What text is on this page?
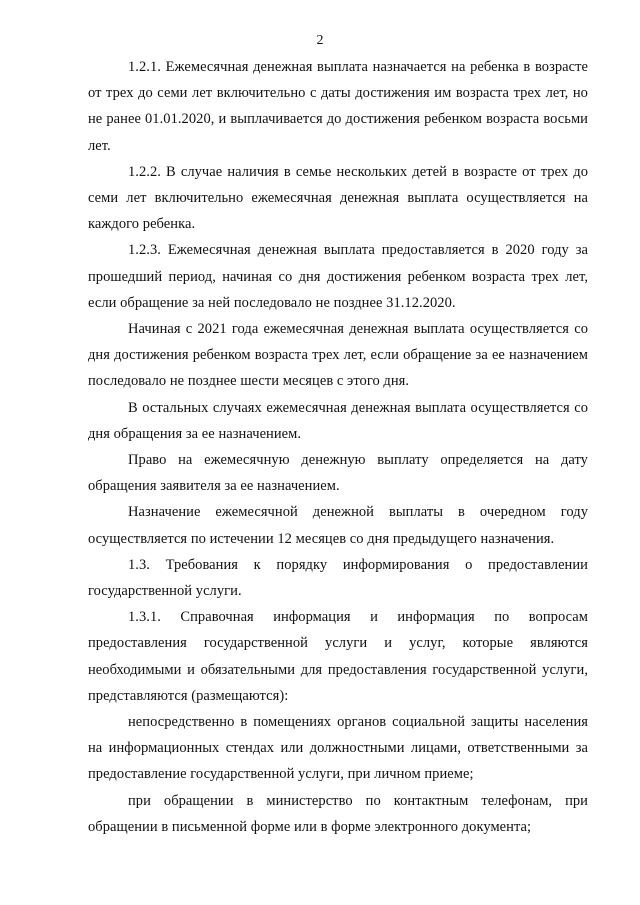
2

1.2.1. Ежемесячная денежная выплата назначается на ребенка в возрасте от трех до семи лет включительно с даты достижения им возраста трех лет, но не ранее 01.01.2020, и выплачивается до достижения ребенком возраста восьми лет.

1.2.2. В случае наличия в семье нескольких детей в возрасте от трех до семи лет включительно ежемесячная денежная выплата осуществляется на каждого ребенка.

1.2.3. Ежемесячная денежная выплата предоставляется в 2020 году за прошедший период, начиная со дня достижения ребенком возраста трех лет, если обращение за ней последовало не позднее 31.12.2020.

Начиная с 2021 года ежемесячная денежная выплата осуществляется со дня достижения ребенком возраста трех лет, если обращение за ее назначением последовало не позднее шести месяцев с этого дня.

В остальных случаях ежемесячная денежная выплата осуществляется со дня обращения за ее назначением.

Право на ежемесячную денежную выплату определяется на дату обращения заявителя за ее назначением.

Назначение ежемесячной денежной выплаты в очередном году осуществляется по истечении 12 месяцев со дня предыдущего назначения.

1.3. Требования к порядку информирования о предоставлении государственной услуги.

1.3.1. Справочная информация и информация по вопросам предоставления государственной услуги и услуг, которые являются необходимыми и обязательными для предоставления государственной услуги, представляются (размещаются):

непосредственно в помещениях органов социальной защиты населения на информационных стендах или должностными лицами, ответственными за предоставление государственной услуги, при личном приеме;

при обращении в министерство по контактным телефонам, при обращении в письменной форме или в форме электронного документа;
